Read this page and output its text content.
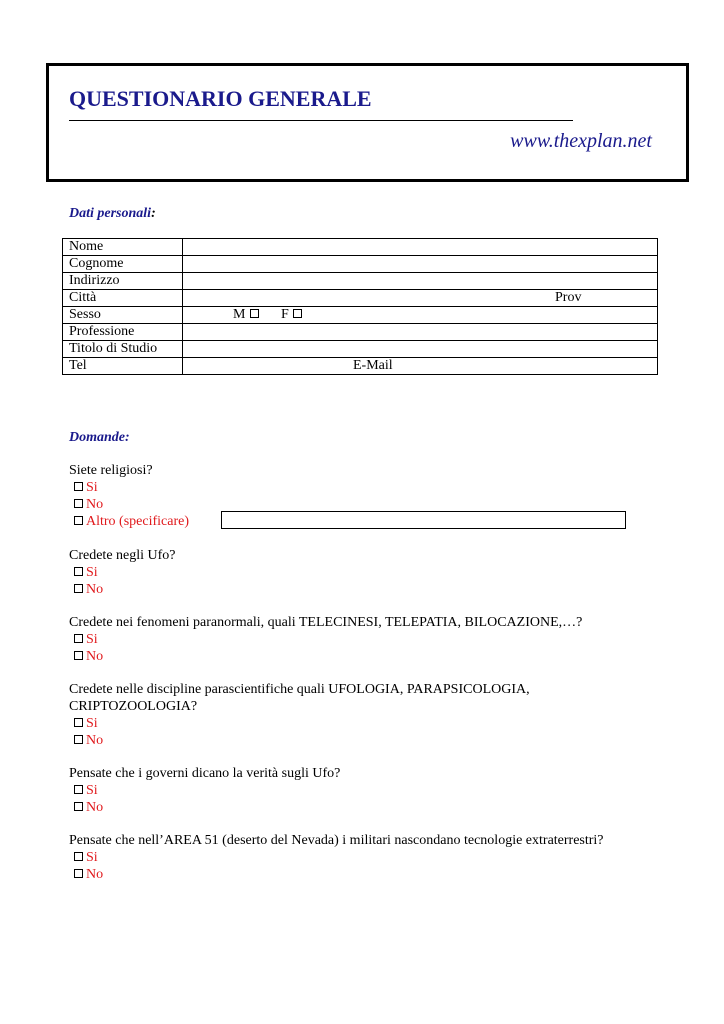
QUESTIONARIO GENERALE
www.thexplan.net
Dati personali:
Nome	
Cognome	
Indirizzo	
Città	Prov

Sesso	M F

Professione	
Titolo di Studio	
Tel	E-Mail
Domande:
Siete religiosi?
Si
No
Altro (specificare)
Credete negli Ufo?
Si
No
Credete nei fenomeni paranormali, quali TELECINESI, TELEPATIA, BILOCAZIONE,…?
Si
No
Credete nelle discipline parascientifiche quali UFOLOGIA, PARAPSICOLOGIA, CRIPTOZOOLOGIA?
Si
No
Pensate che i governi dicano la verità sugli Ufo?
Si
No
Pensate che nell’AREA 51 (deserto del Nevada) i militari nascondano tecnologie extraterrestri?
Si
No
